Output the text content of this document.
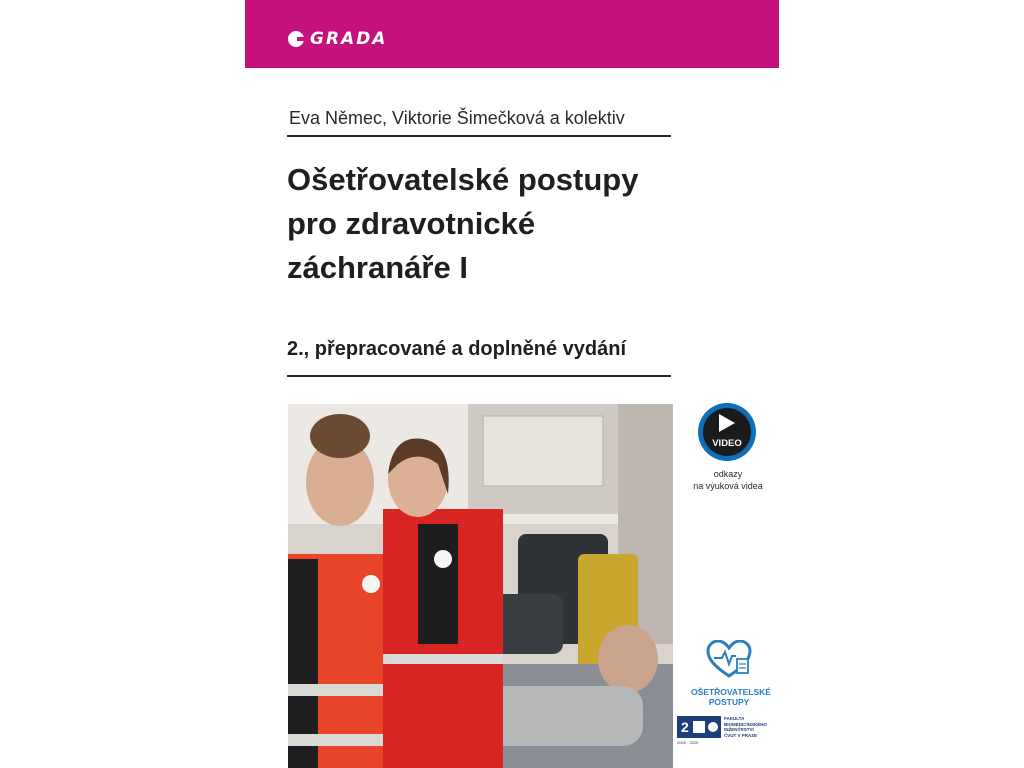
GRADA
Eva Němec, Viktorie Šimečková a kolektiv
Ošetřovatelské postupy
pro zdravotnické
záchranáře I
2., přepracované a doplněné vydání
VIDEO
odkazy
na výuková videa
OŠETŘOVATELSKÉ
POSTUPY
2
FAKULTA
BIOMEDICÍNSKÉHO
INŽENÝRSTVÍ
ČVUT V PRAZE
2005 · 2025
